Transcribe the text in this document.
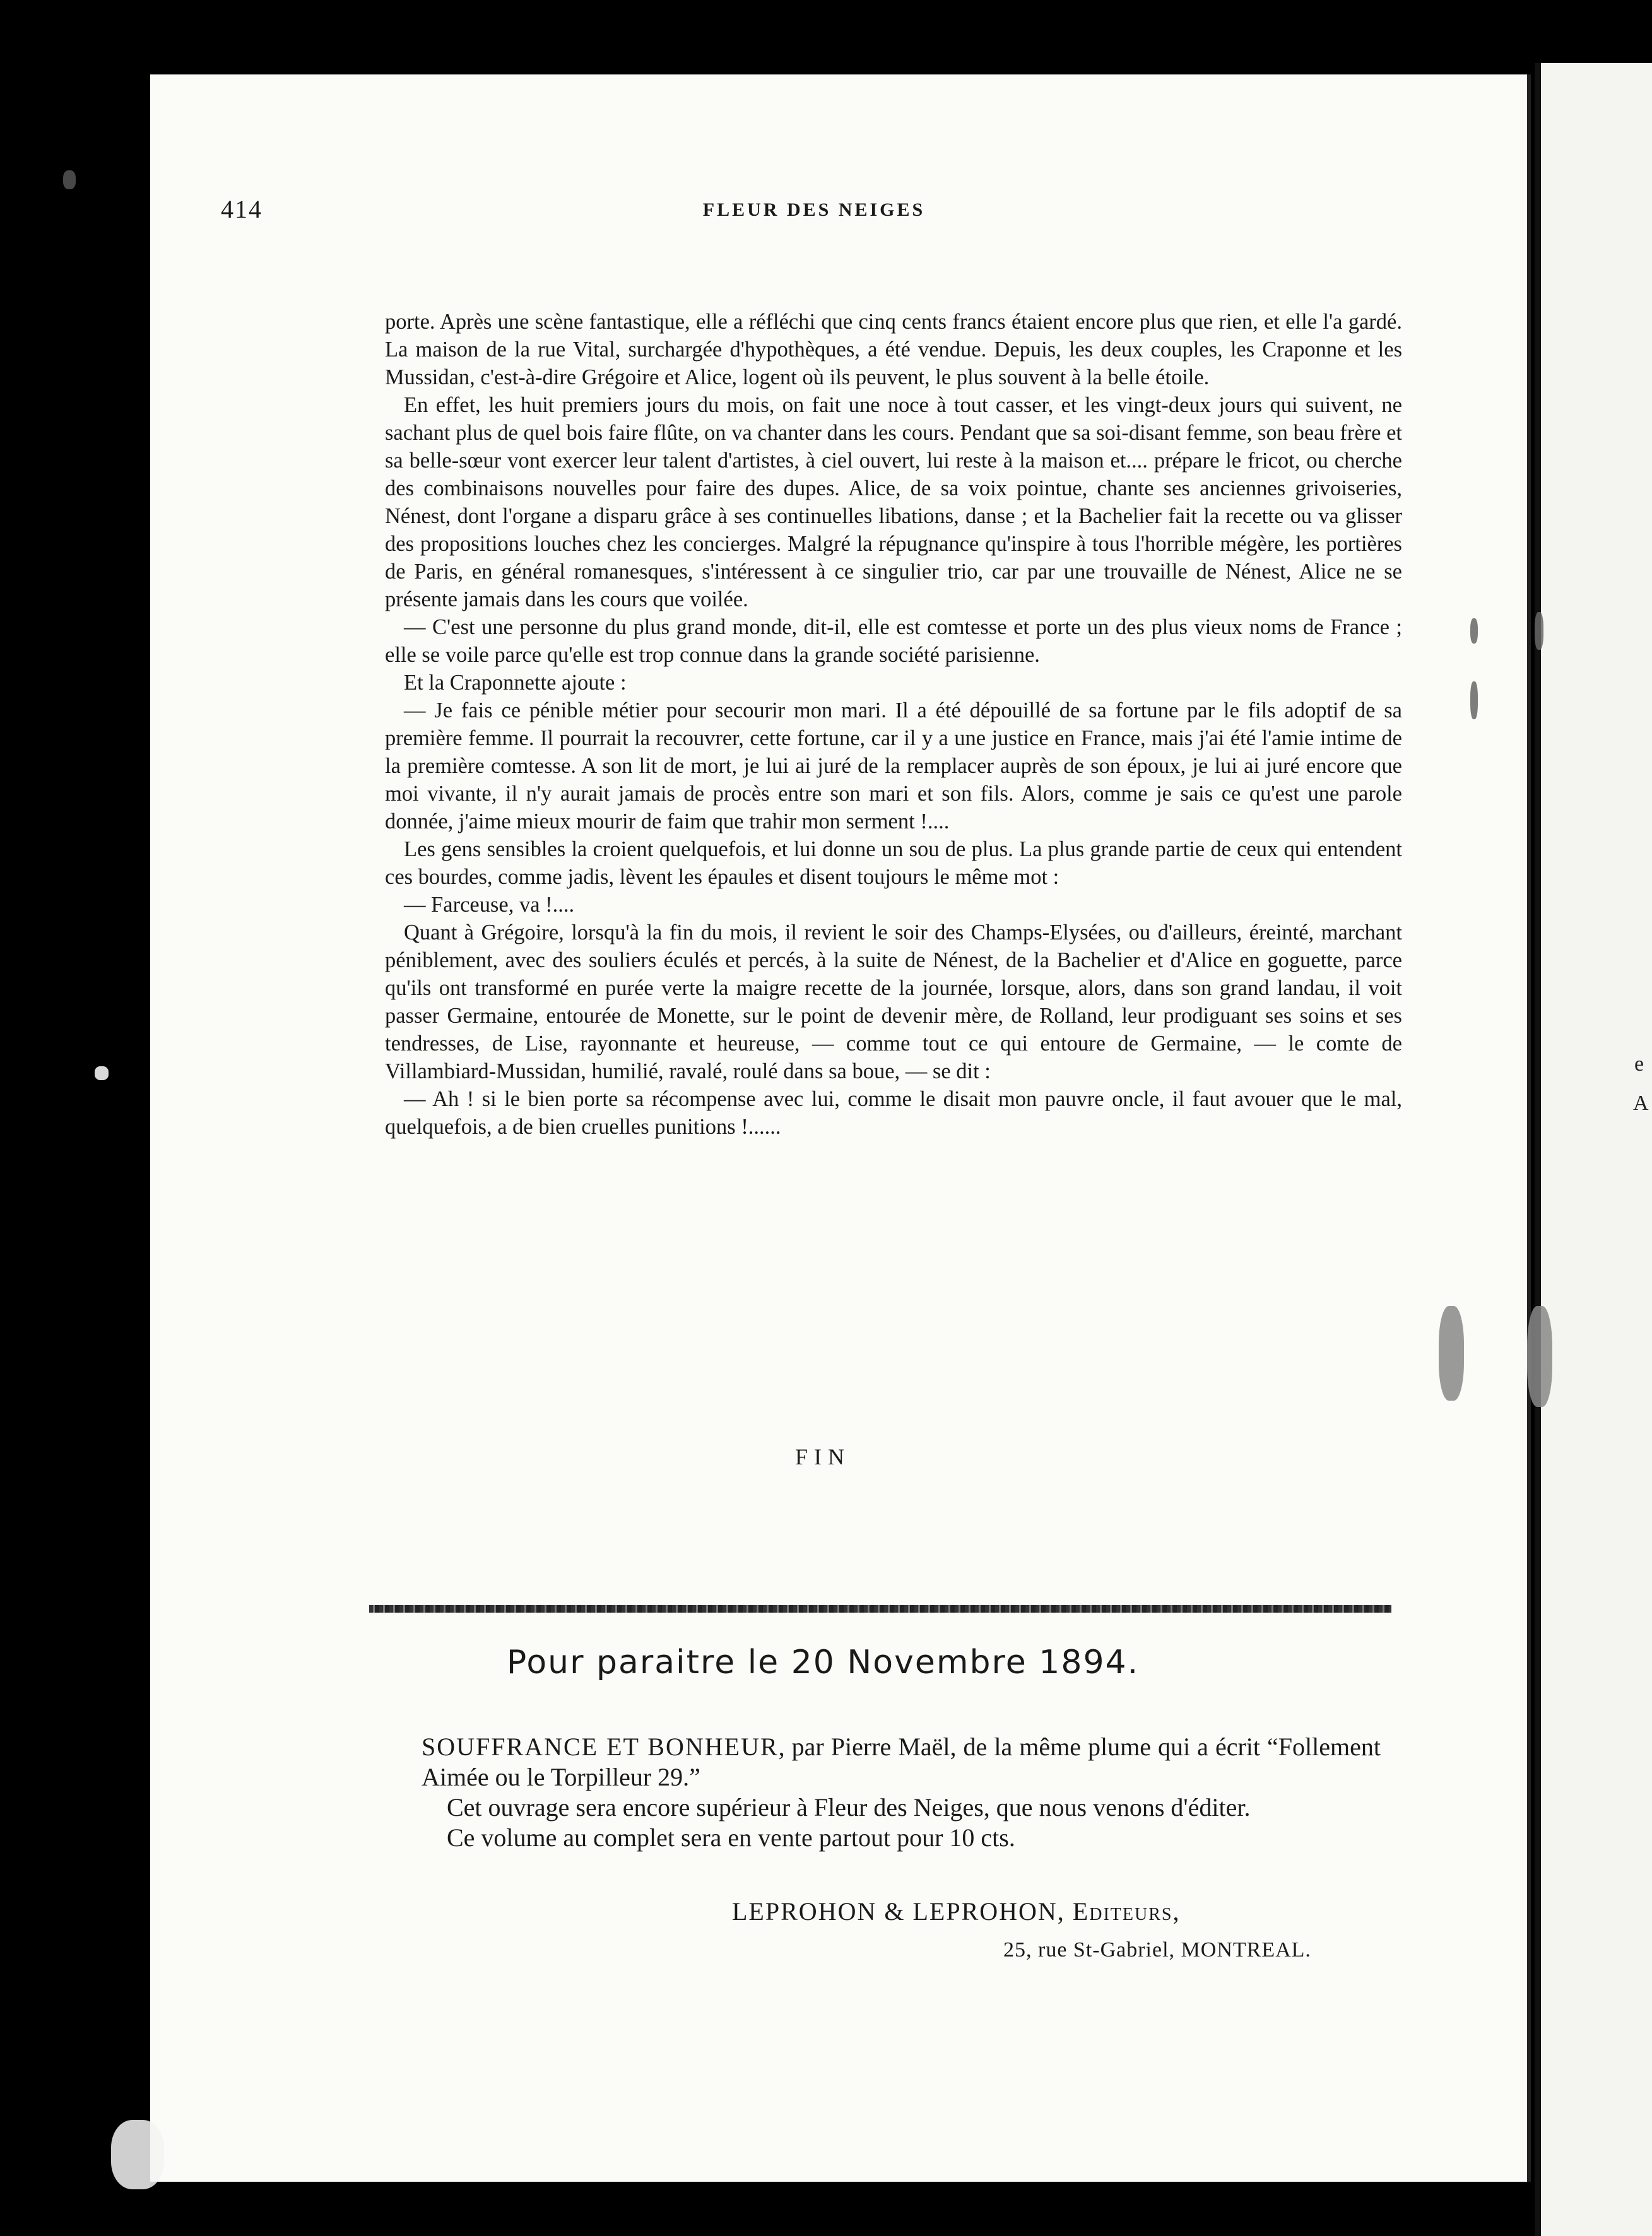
e
A
414	FLEUR DES NEIGES

porte. Après une scène fantastique, elle a réfléchi que cinq cents francs étaient encore plus que rien, et elle l'a gardé. La maison de la rue Vital, surchargée d'hypothèques, a été vendue. Depuis, les deux couples, les Craponne et les Mussidan, c'est-à-dire Grégoire et Alice, logent où ils peuvent, le plus souvent à la belle étoile.

En effet, les huit premiers jours du mois, on fait une noce à tout casser, et les vingt-deux jours qui suivent, ne sachant plus de quel bois faire flûte, on va chanter dans les cours. Pendant que sa soi-disant femme, son beau frère et sa belle-sœur vont exercer leur talent d'artistes, à ciel ouvert, lui reste à la maison et.... prépare le fricot, ou cherche des combinaisons nouvelles pour faire des dupes. Alice, de sa voix pointue, chante ses anciennes grivoiseries, Nénest, dont l'organe a disparu grâce à ses continuelles libations, danse ; et la Bachelier fait la recette ou va glisser des propositions louches chez les concierges. Malgré la répugnance qu'inspire à tous l'horrible mégère, les portières de Paris, en général romanesques, s'intéressent à ce singulier trio, car par une trouvaille de Nénest, Alice ne se présente jamais dans les cours que voilée.

— C'est une personne du plus grand monde, dit-il, elle est comtesse et porte un des plus vieux noms de France ; elle se voile parce qu'elle est trop connue dans la grande société parisienne.

Et la Craponnette ajoute :

— Je fais ce pénible métier pour secourir mon mari. Il a été dépouillé de sa fortune par le fils adoptif de sa première femme. Il pourrait la recouvrer, cette fortune, car il y a une justice en France, mais j'ai été l'amie intime de la première comtesse. A son lit de mort, je lui ai juré de la remplacer auprès de son époux, je lui ai juré encore que moi vivante, il n'y aurait jamais de procès entre son mari et son fils. Alors, comme je sais ce qu'est une parole donnée, j'aime mieux mourir de faim que trahir mon serment !....

Les gens sensibles la croient quelquefois, et lui donne un sou de plus. La plus grande partie de ceux qui entendent ces bourdes, comme jadis, lèvent les épaules et disent toujours le même mot :

— Farceuse, va !....

Quant à Grégoire, lorsqu'à la fin du mois, il revient le soir des Champs-Elysées, ou d'ailleurs, éreinté, marchant péniblement, avec des souliers éculés et percés, à la suite de Nénest, de la Bachelier et d'Alice en goguette, parce qu'ils ont transformé en purée verte la maigre recette de la journée, lorsque, alors, dans son grand landau, il voit passer Germaine, entourée de Monette, sur le point de devenir mère, de Rolland, leur prodiguant ses soins et ses tendresses, de Lise, rayonnante et heureuse, — comme tout ce qui entoure de Germaine, — le comte de Villambiard-Mussidan, humilié, ravalé, roulé dans sa boue, — se dit :

— Ah ! si le bien porte sa récompense avec lui, comme le disait mon pauvre oncle, il faut avouer que le mal, quelquefois, a de bien cruelles punitions !......

FIN
Pour paraitre le 20 Novembre 1894.

SOUFFRANCE ET BONHEUR, par Pierre Maël, de la même plume qui a écrit “Follement Aimée ou le Torpilleur 29.”

Cet ouvrage sera encore supérieur à Fleur des Neiges, que nous venons d'éditer.

Ce volume au complet sera en vente partout pour 10 cts.

LEPROHON & LEPROHON, Editeurs,
25, rue St-Gabriel, MONTREAL.
